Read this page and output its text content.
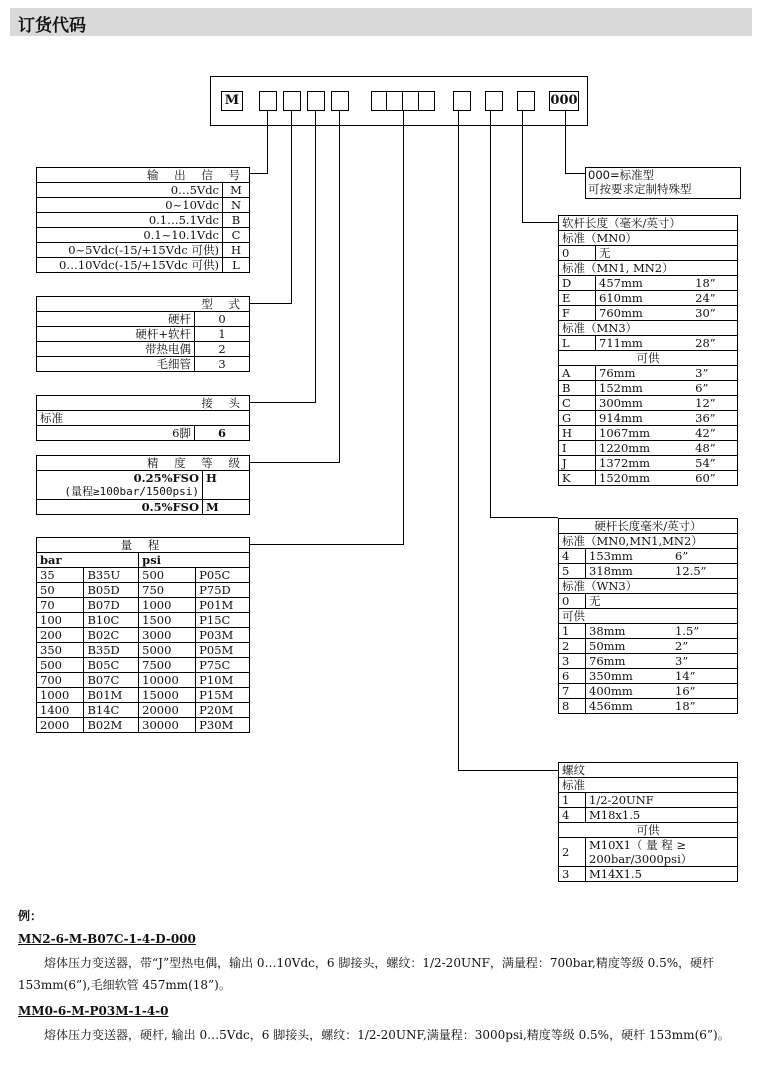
订货代码
M	000
输 出 信 号	
0…5Vdc	M
0~10Vdc	N
0.1…5.1Vdc	B
0.1~10.1Vdc	C
0~5Vdc(-15/+15Vdc 可供)	H
0…10Vdc(-15/+15Vdc 可供)	L
型 式	
硬杆	0
硬杆+软杆	1
带热电偶	2
毛细管	3
接 头
标准
6脚	6
精 度 等 级	
0.25%FSO	H
(量程≥100bar/1500psi)	
0.5%FSO	M
量 程			
bar		psi	
35	B35U	500	P05C
50	B05D	750	P75D
70	B07D	1000	P01M
100	B10C	1500	P15C
200	B02C	3000	P03M
350	B35D	5000	P05M
500	B05C	7500	P75C
700	B07C	10000	P10M
1000	B01M	15000	P15M
1400	B14C	20000	P20M
2000	B02M	30000	P30M
000=标准型
可按要求定制特殊型
软杆长度（毫米/英寸）		
标准（MN0）		
0	无	
标准（MN1, MN2）		
D	457mm	18”
E	610mm	24”
F	760mm	30”
标准（MN3）		
L	711mm	28”
可供		
A	76mm	3”
B	152mm	6”
C	300mm	12”
G	914mm	36”
H	1067mm	42”
I	1220mm	48”
J	1372mm	54”
K	1520mm	60”
硬杆长度毫米/英寸）		
标准（MN0,MN1,MN2）		
4	153mm	6”
5	318mm	12.5”
标准（WN3）		
0	无	
可供		
1	38mm	1.5”
2	50mm	2”
3	76mm	3”
6	350mm	14”
7	400mm	16”
8	456mm	18”
螺纹	
标准	
1	1/2-20UNF
4	M18x1.5
可供	
2	M10X1（ 量 程 ≥ 200bar/3000psi）
3	M14X1.5
例：
MN2-6-M-B07C-1-4-D-000
熔体压力变送器，带“J”型热电偶，输出 0…10Vdc，6 脚接头，螺纹：1/2-20UNF，满量程：700bar,精度等级 0.5%，硬杆 153mm(6”),毛细软管 457mm(18”)。
MM0-6-M-P03M-1-4-0
熔体压力变送器，硬杆, 输出 0…5Vdc，6 脚接头，螺纹：1/2-20UNF,满量程：3000psi,精度等级 0.5%，硬杆 153mm(6”)。
